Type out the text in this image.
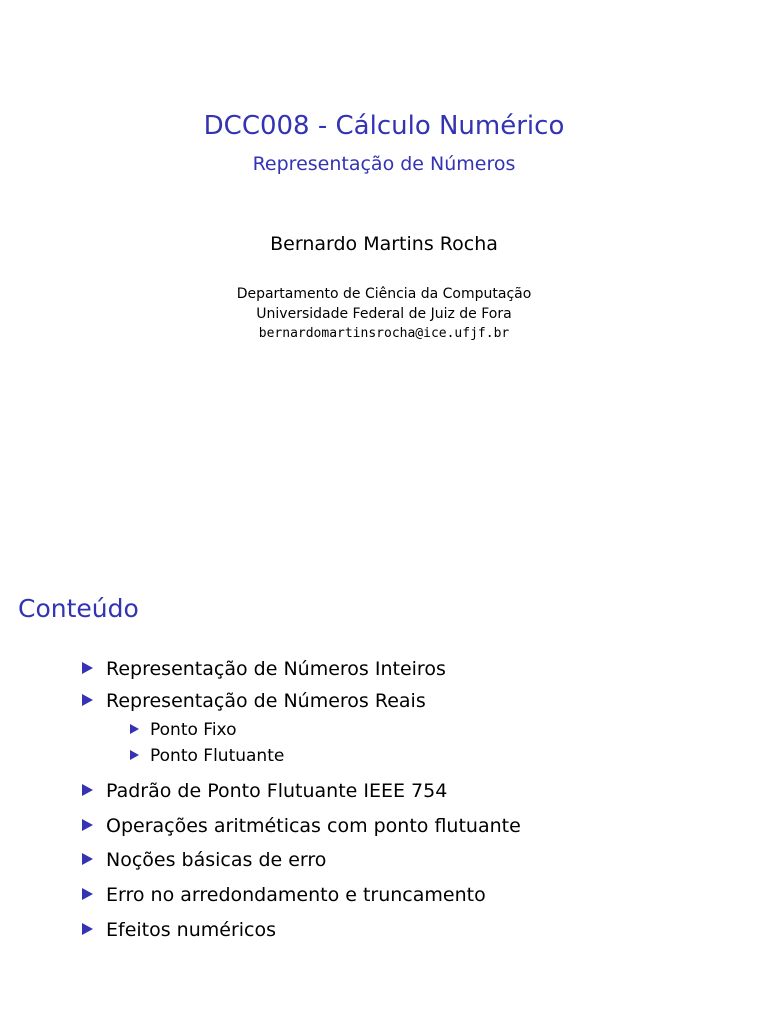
DCC008 - Cálculo Numérico
Representação de Números
Bernardo Martins Rocha
Departamento de Ciência da Computação
Universidade Federal de Juiz de Fora
bernardomartinsrocha@ice.ufjf.br
Conteúdo
Representação de Números Inteiros
Representação de Números Reais
Ponto Fixo
Ponto Flutuante
Padrão de Ponto Flutuante IEEE 754
Operações aritméticas com ponto flutuante
Noções básicas de erro
Erro no arredondamento e truncamento
Efeitos numéricos
